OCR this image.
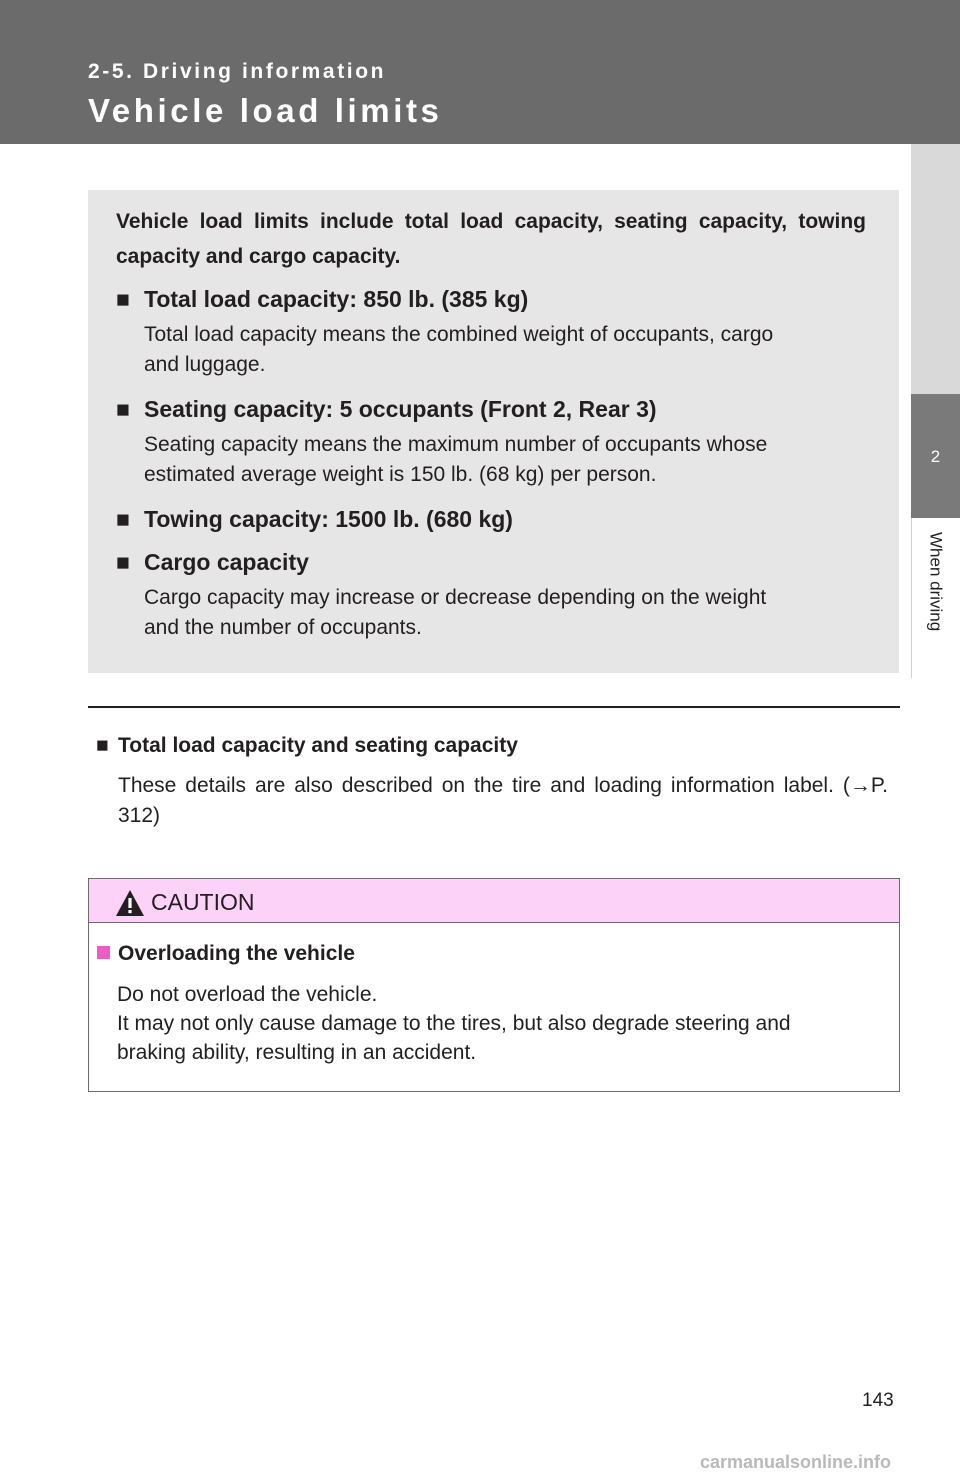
2-5. Driving information
Vehicle load limits
2
When driving
Vehicle load limits include total load capacity, seating capacity, towing capacity and cargo capacity.
■ Total load capacity: 850 lb. (385 kg)
Total load capacity means the combined weight of occupants, cargo
and luggage.
■ Seating capacity: 5 occupants (Front 2, Rear 3)
Seating capacity means the maximum number of occupants whose
estimated average weight is 150 lb. (68 kg) per person.
■ Towing capacity: 1500 lb. (680 kg)
■ Cargo capacity
Cargo capacity may increase or decrease depending on the weight
and the number of occupants.
■ Total load capacity and seating capacity
These details are also described on the tire and loading information label. (→P. 312)
CAUTION
Overloading the vehicle
Do not overload the vehicle.
It may not only cause damage to the tires, but also degrade steering and
braking ability, resulting in an accident.
143
carmanualsonline.info
